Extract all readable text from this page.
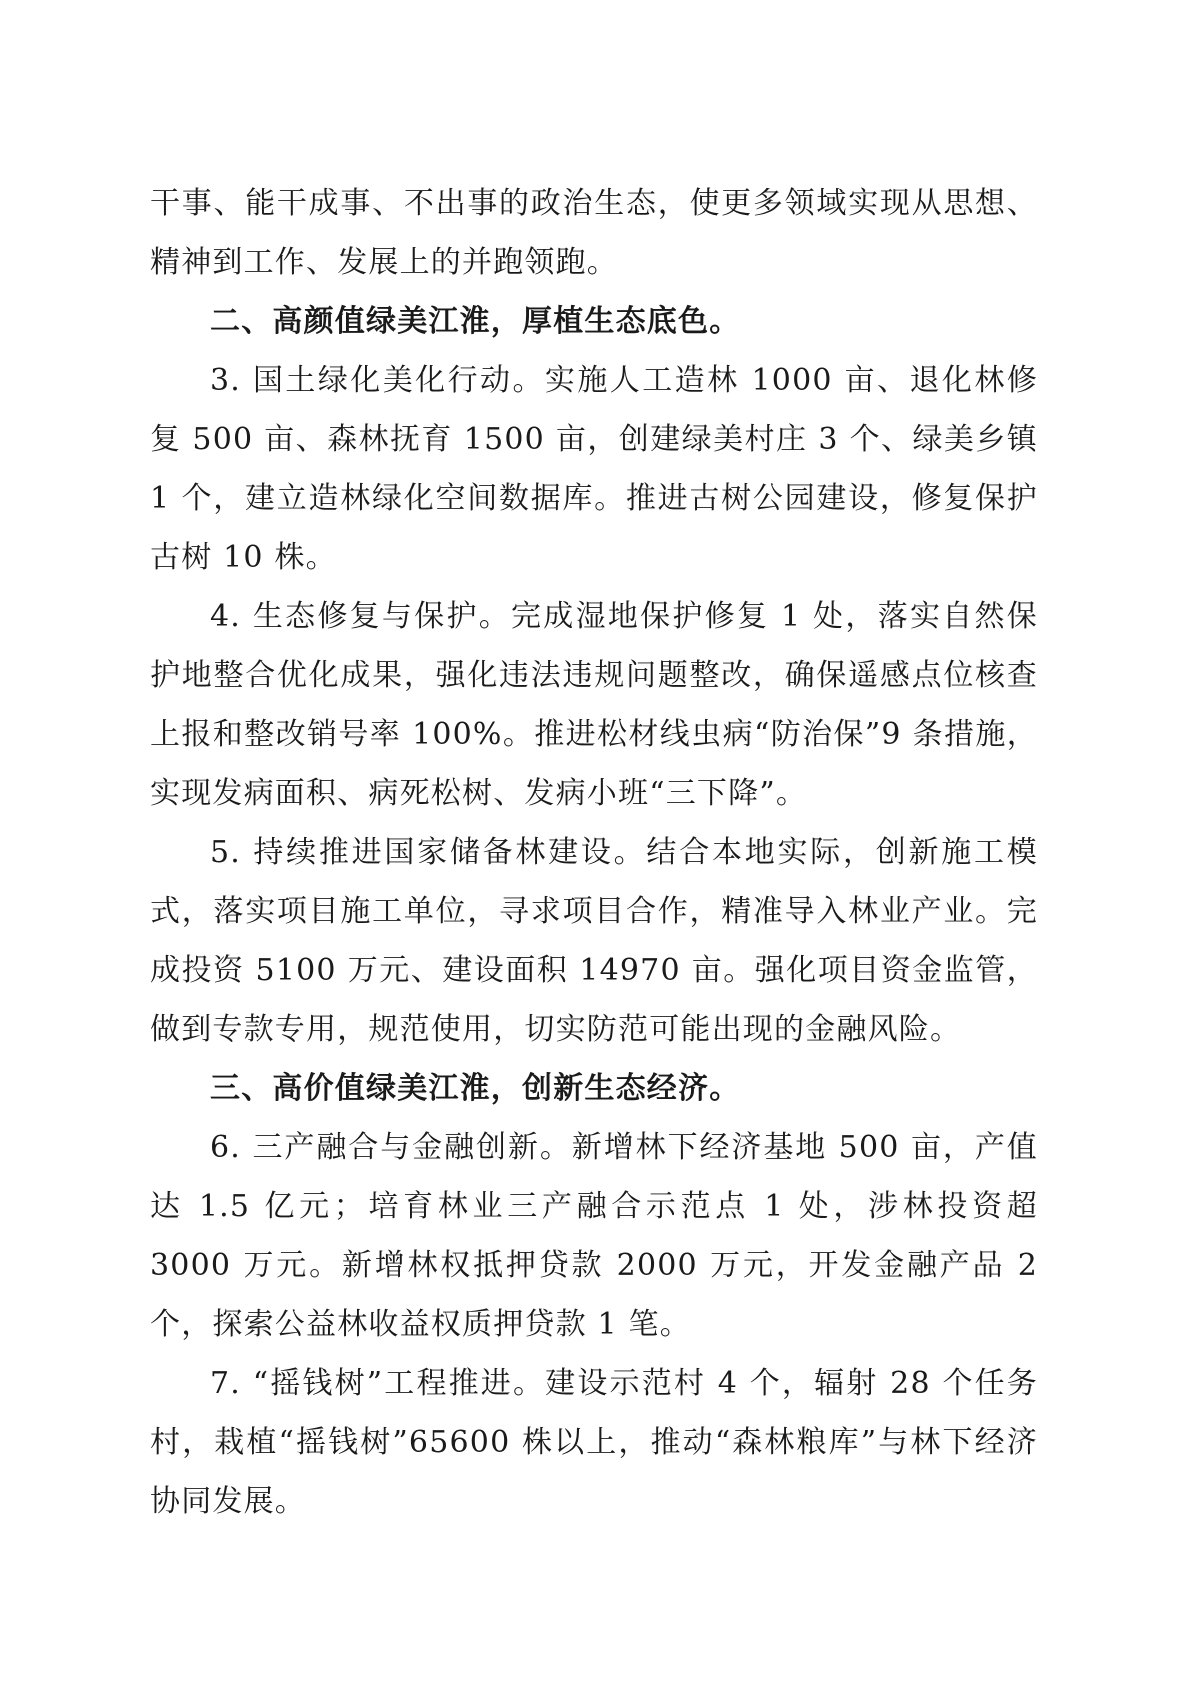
干事、能干成事、不出事的政治生态，使更多领域实现从思想、精神到工作、发展上的并跑领跑。

二、高颜值绿美江淮，厚植生态底色。

3. 国土绿化美化行动。实施人工造林 1000 亩、退化林修复 500 亩、森林抚育 1500 亩，创建绿美村庄 3 个、绿美乡镇 1 个，建立造林绿化空间数据库。推进古树公园建设，修复保护古树 10 株。

4. 生态修复与保护。完成湿地保护修复 1 处，落实自然保护地整合优化成果，强化违法违规问题整改，确保遥感点位核查上报和整改销号率 100%。推进松材线虫病“防治保”9 条措施，实现发病面积、病死松树、发病小班“三下降”。

5. 持续推进国家储备林建设。结合本地实际，创新施工模式，落实项目施工单位，寻求项目合作，精准导入林业产业。完成投资 5100 万元、建设面积 14970 亩。强化项目资金监管，做到专款专用，规范使用，切实防范可能出现的金融风险。

三、高价值绿美江淮，创新生态经济。

6. 三产融合与金融创新。新增林下经济基地 500 亩，产值达 1.5 亿元；培育林业三产融合示范点 1 处，涉林投资超 3000 万元。新增林权抵押贷款 2000 万元，开发金融产品 2 个，探索公益林收益权质押贷款 1 笔。

7. “摇钱树”工程推进。建设示范村 4 个，辐射 28 个任务村，栽植“摇钱树”65600 株以上，推动“森林粮库”与林下经济协同发展。
